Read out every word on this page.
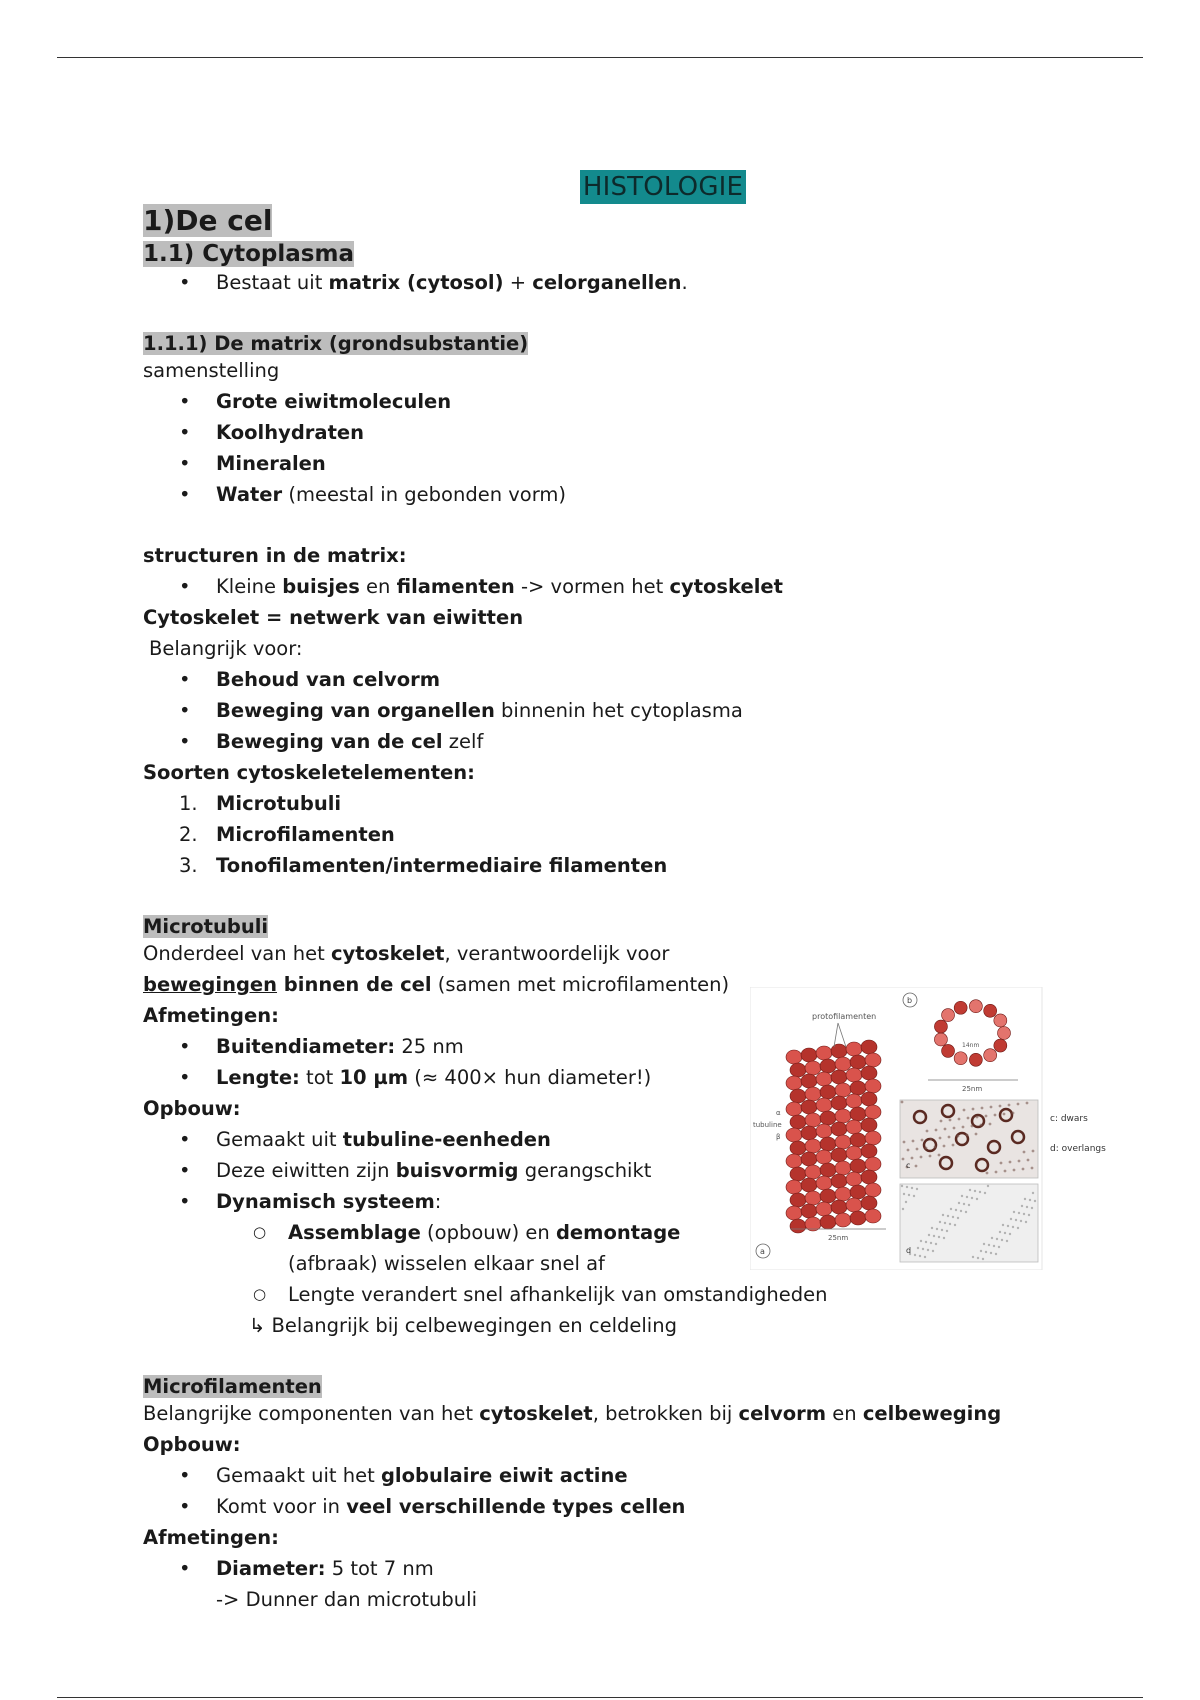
HISTOLOGIE
1)De cel
1.1) Cytoplasma
• Bestaat uit matrix (cytosol) + celorganellen.
1.1.1) De matrix (grondsubstantie)
samenstelling
• Grote eiwitmoleculen
• Koolhydraten
• Mineralen
• Water (meestal in gebonden vorm)
structuren in de matrix:
• Kleine buisjes en filamenten -> vormen het cytoskelet
Cytoskelet = netwerk van eiwitten
Belangrijk voor:
• Behoud van celvorm
• Beweging van organellen binnenin het cytoplasma
• Beweging van de cel zelf
Soorten cytoskeletelementen:
1. Microtubuli
2. Microfilamenten
3. Tonofilamenten/intermediaire filamenten
Microtubuli
Onderdeel van het cytoskelet, verantwoordelijk voor
bewegingen binnen de cel (samen met microfilamenten)
Afmetingen:
• Buitendiameter: 25 nm
• Lengte: tot 10 µm (≈ 400× hun diameter!)
Opbouw:
• Gemaakt uit tubuline-eenheden
• Deze eiwitten zijn buisvormig gerangschikt
• Dynamisch systeem:
○ Assemblage (opbouw) en demontage
(afbraak) wisselen elkaar snel af
○ Lengte verandert snel afhankelijk van omstandigheden
↳ Belangrijk bij celbewegingen en celdeling
Microfilamenten
Belangrijke componenten van het cytoskelet, betrokken bij celvorm en celbeweging
Opbouw:
• Gemaakt uit het globulaire eiwit actine
• Komt voor in veel verschillende types cellen
Afmetingen:
• Diameter: 5 tot 7 nm
-> Dunner dan microtubuli
protofilamenten
α
tubuline
β
25nm
a
b
25nm
c
d
c: dwars
d: overlangs
14nm
